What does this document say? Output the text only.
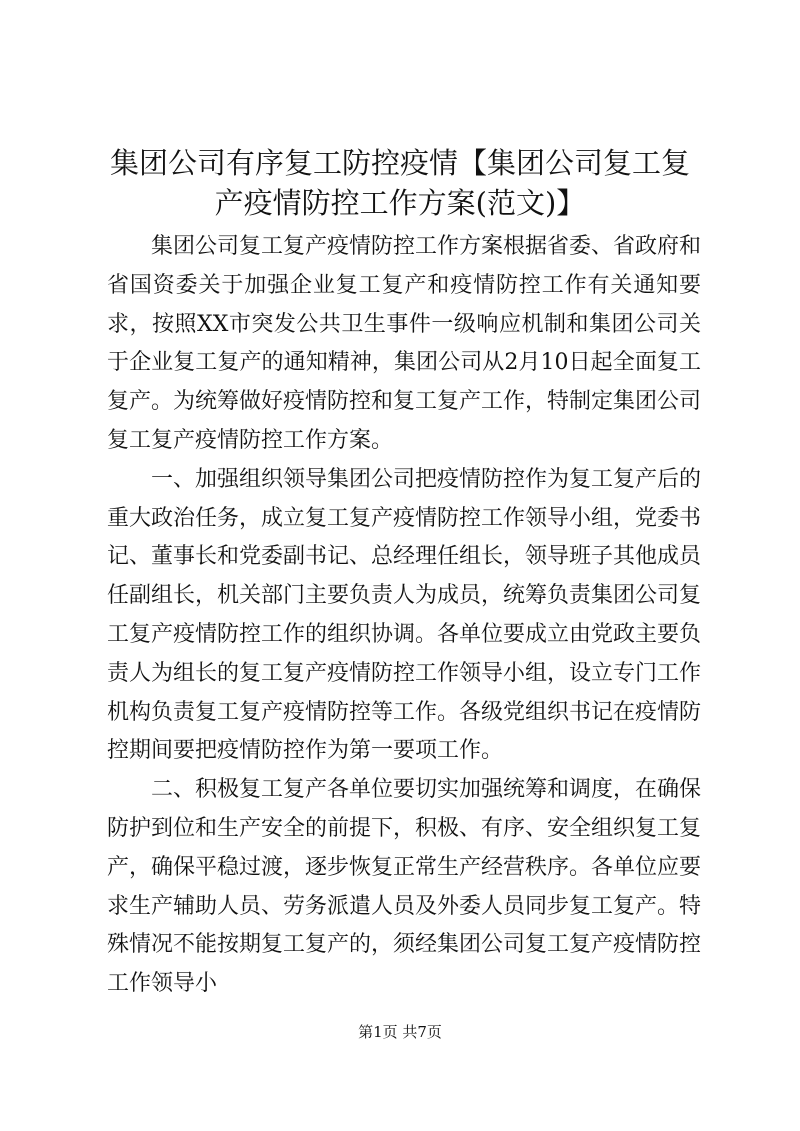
集团公司有序复工防控疫情【集团公司复工复产疫情防控工作方案(范文)】

集团公司复工复产疫情防控工作方案根据省委、省政府和省国资委关于加强企业复工复产和疫情防控工作有关通知要求，按照XX市突发公共卫生事件一级响应机制和集团公司关于企业复工复产的通知精神，集团公司从2月10日起全面复工复产。为统筹做好疫情防控和复工复产工作，特制定集团公司复工复产疫情防控工作方案。

一、加强组织领导集团公司把疫情防控作为复工复产后的重大政治任务，成立复工复产疫情防控工作领导小组，党委书记、董事长和党委副书记、总经理任组长，领导班子其他成员任副组长，机关部门主要负责人为成员，统筹负责集团公司复工复产疫情防控工作的组织协调。各单位要成立由党政主要负责人为组长的复工复产疫情防控工作领导小组，设立专门工作机构负责复工复产疫情防控等工作。各级党组织书记在疫情防控期间要把疫情防控作为第一要项工作。

二、积极复工复产各单位要切实加强统筹和调度，在确保防护到位和生产安全的前提下，积极、有序、安全组织复工复产，确保平稳过渡，逐步恢复正常生产经营秩序。各单位应要求生产辅助人员、劳务派遣人员及外委人员同步复工复产。特殊情况不能按期复工复产的，须经集团公司复工复产疫情防控工作领导小

第1页 共7页
